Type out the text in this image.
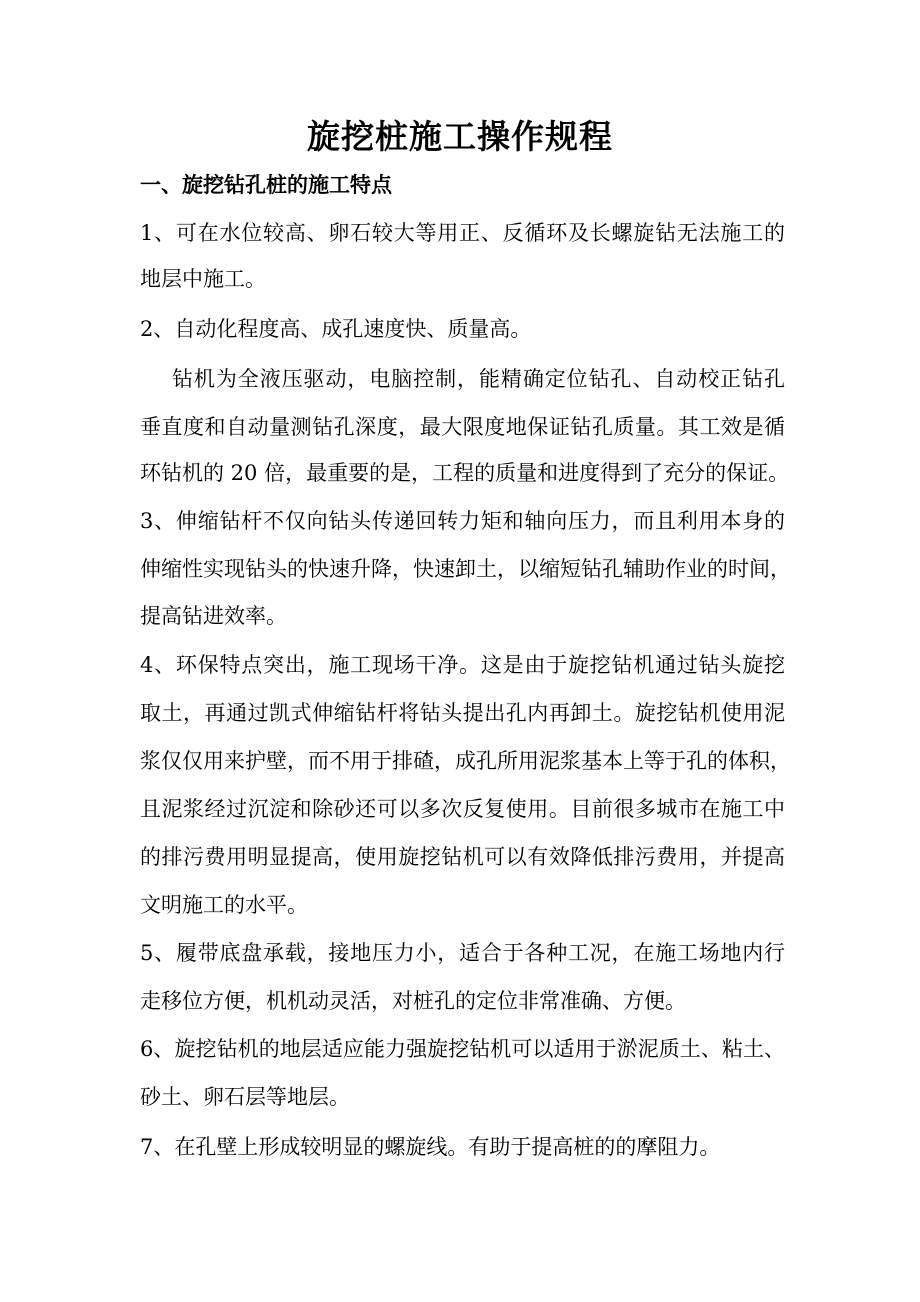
旋挖桩施工操作规程
一、旋挖钻孔桩的施工特点
1、可在水位较高、卵石较大等用正、反循环及长螺旋钻无法施工的
地层中施工。
2、自动化程度高、成孔速度快、质量高。
钻机为全液压驱动，电脑控制，能精确定位钻孔、自动校正钻孔
垂直度和自动量测钻孔深度，最大限度地保证钻孔质量。其工效是循
环钻机的 20 倍，最重要的是，工程的质量和进度得到了充分的保证。
3、伸缩钻杆不仅向钻头传递回转力矩和轴向压力，而且利用本身的
伸缩性实现钻头的快速升降，快速卸土，以缩短钻孔辅助作业的时间，
提高钻进效率。
4、环保特点突出，施工现场干净。这是由于旋挖钻机通过钻头旋挖
取土，再通过凯式伸缩钻杆将钻头提出孔内再卸土。旋挖钻机使用泥
浆仅仅用来护壁，而不用于排碴，成孔所用泥浆基本上等于孔的体积，
且泥浆经过沉淀和除砂还可以多次反复使用。目前很多城市在施工中
的排污费用明显提高，使用旋挖钻机可以有效降低排污费用，并提高
文明施工的水平。
5、履带底盘承载，接地压力小，适合于各种工况，在施工场地内行
走移位方便，机机动灵活，对桩孔的定位非常准确、方便。
6、旋挖钻机的地层适应能力强旋挖钻机可以适用于淤泥质土、粘土、
砂土、卵石层等地层。
7、在孔壁上形成较明显的螺旋线。有助于提高桩的的摩阻力。
